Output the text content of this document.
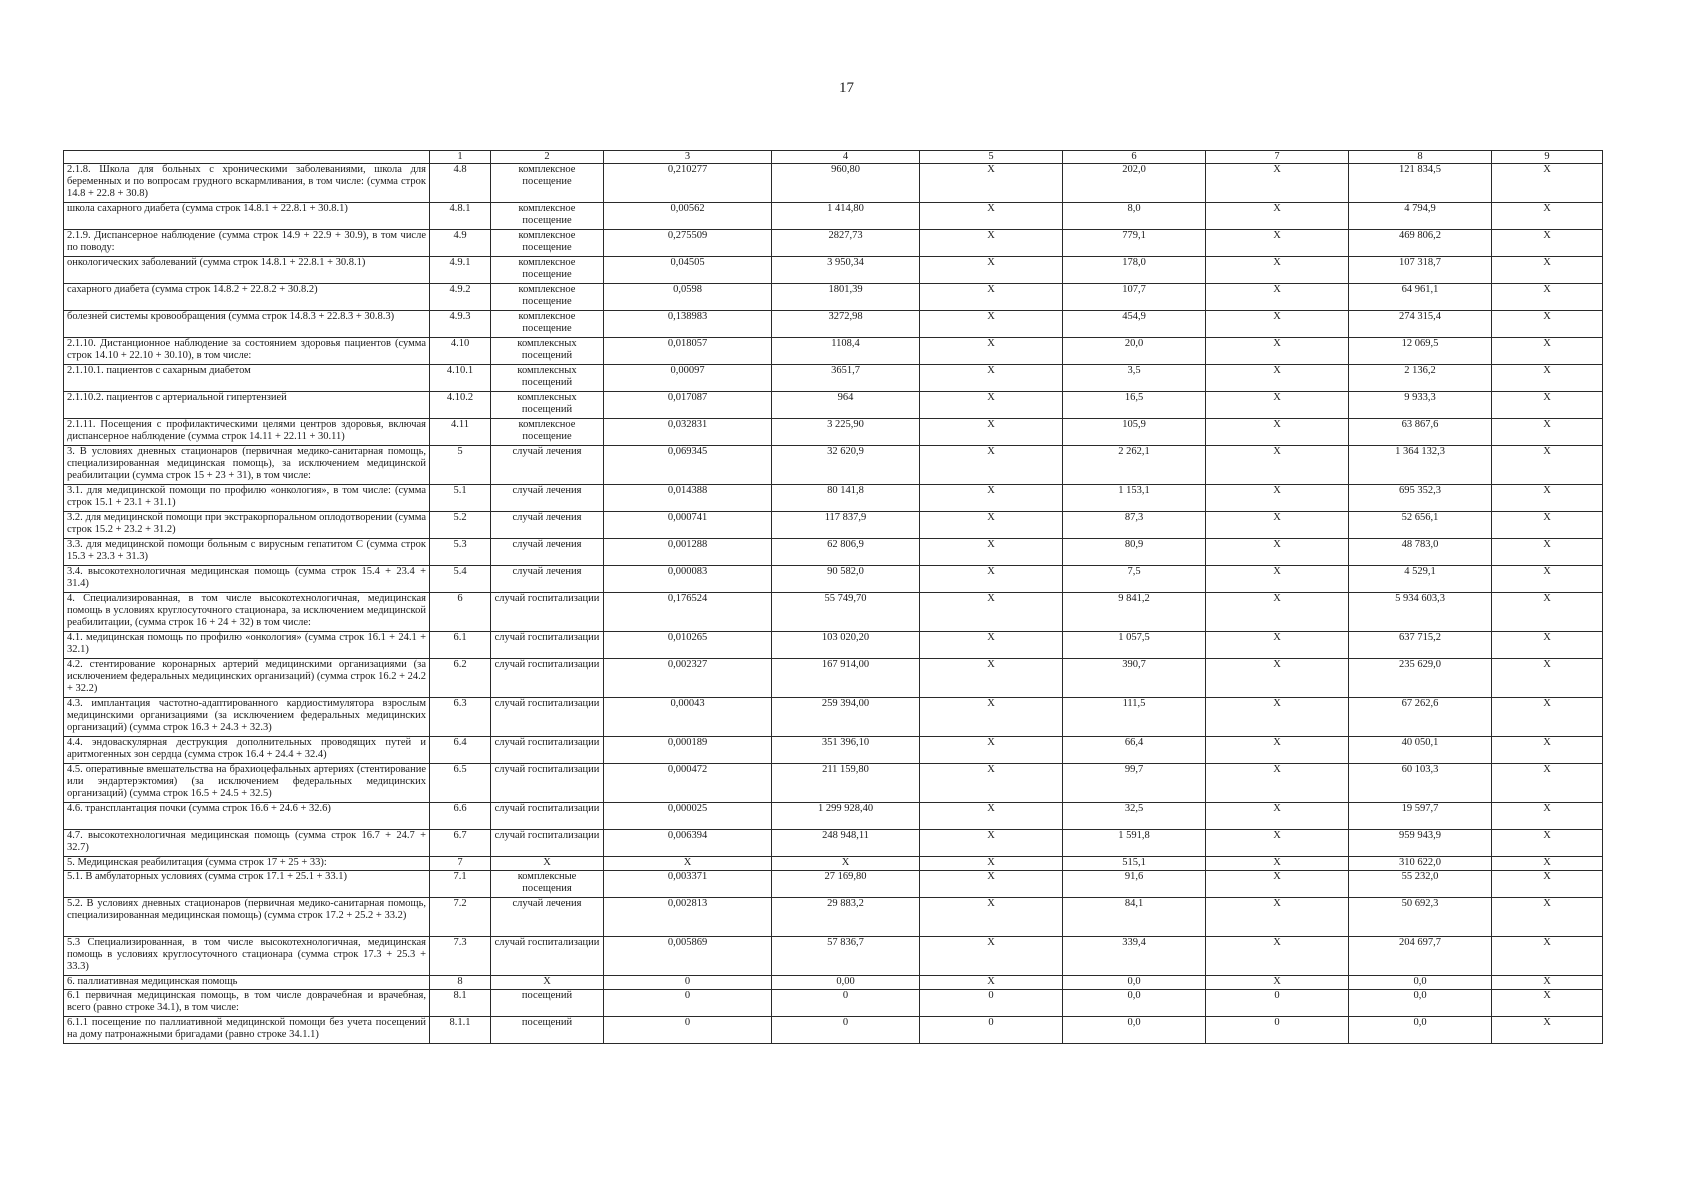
17
	1	2	3	4	5	6	7	8	9
2.1.8. Школа для больных с хроническими заболеваниями, школа для беременных и по вопросам грудного вскармливания, в том числе: (сумма строк 14.8 + 22.8 + 30.8)	4.8	комплексное посещение	0,210277	960,80	X	202,0	X	121 834,5	X
школа сахарного диабета (сумма строк 14.8.1 + 22.8.1 + 30.8.1)	4.8.1	комплексное посещение	0,00562	1 414,80	X	8,0	X	4 794,9	X
2.1.9. Диспансерное наблюдение (сумма строк 14.9 + 22.9 + 30.9), в том числе по поводу:	4.9	комплексное посещение	0,275509	2827,73	X	779,1	X	469 806,2	X
онкологических заболеваний (сумма строк 14.8.1 + 22.8.1 + 30.8.1)	4.9.1	комплексное посещение	0,04505	3 950,34	X	178,0	X	107 318,7	X
сахарного диабета (сумма строк 14.8.2 + 22.8.2 + 30.8.2)	4.9.2	комплексное посещение	0,0598	1801,39	X	107,7	X	64 961,1	X
болезней системы кровообращения (сумма строк 14.8.3 + 22.8.3 + 30.8.3)	4.9.3	комплексное посещение	0,138983	3272,98	X	454,9	X	274 315,4	X
2.1.10. Дистанционное наблюдение за состоянием здоровья пациентов (сумма строк 14.10 + 22.10 + 30.10), в том числе:	4.10	комплексных посещений	0,018057	1108,4	X	20,0	X	12 069,5	X
2.1.10.1. пациентов с сахарным диабетом	4.10.1	комплексных посещений	0,00097	3651,7	X	3,5	X	2 136,2	X
2.1.10.2. пациентов с артериальной гипертензией	4.10.2	комплексных посещений	0,017087	964	X	16,5	X	9 933,3	X
2.1.11. Посещения с профилактическими целями центров здоровья, включая диспансерное наблюдение (сумма строк 14.11 + 22.11 + 30.11)	4.11	комплексное посещение	0,032831	3 225,90	X	105,9	X	63 867,6	X
3. В условиях дневных стационаров (первичная медико-санитарная помощь, специализированная медицинская помощь), за исключением медицинской реабилитации (сумма строк 15 + 23 + 31), в том числе:	5	случай лечения	0,069345	32 620,9	X	2 262,1	X	1 364 132,3	X
3.1. для медицинской помощи по профилю «онкология», в том числе: (сумма строк 15.1 + 23.1 + 31.1)	5.1	случай лечения	0,014388	80 141,8	X	1 153,1	X	695 352,3	X
3.2. для медицинской помощи при экстракорпоральном оплодотворении (сумма строк 15.2 + 23.2 + 31.2)	5.2	случай лечения	0,000741	117 837,9	X	87,3	X	52 656,1	X
3.3. для медицинской помощи больным с вирусным гепатитом С (сумма строк 15.3 + 23.3 + 31.3)	5.3	случай лечения	0,001288	62 806,9	X	80,9	X	48 783,0	X
3.4. высокотехнологичная медицинская помощь (сумма строк 15.4 + 23.4 + 31.4)	5.4	случай лечения	0,000083	90 582,0	X	7,5	X	4 529,1	X
4. Специализированная, в том числе высокотехнологичная, медицинская помощь в условиях круглосуточного стационара, за исключением медицинской реабилитации, (сумма строк 16 + 24 + 32) в том числе:	6	случай госпитализации	0,176524	55 749,70	X	9 841,2	X	5 934 603,3	X
4.1. медицинская помощь по профилю «онкология» (сумма строк 16.1 + 24.1 + 32.1)	6.1	случай госпитализации	0,010265	103 020,20	X	1 057,5	X	637 715,2	X
4.2. стентирование коронарных артерий медицинскими организациями (за исключением федеральных медицинских организаций) (сумма строк 16.2 + 24.2 + 32.2)	6.2	случай госпитализации	0,002327	167 914,00	X	390,7	X	235 629,0	X
4.3. имплантация частотно-адаптированного кардиостимулятора взрослым медицинскими организациями (за исключением федеральных медицинских организаций) (сумма строк 16.3 + 24.3 + 32.3)	6.3	случай госпитализации	0,00043	259 394,00	X	111,5	X	67 262,6	X
4.4. эндоваскулярная деструкция дополнительных проводящих путей и аритмогенных зон сердца (сумма строк 16.4 + 24.4 + 32.4)	6.4	случай госпитализации	0,000189	351 396,10	X	66,4	X	40 050,1	X
4.5. оперативные вмешательства на брахиоцефальных артериях (стентирование или эндартерэктомия) (за исключением федеральных медицинских организаций) (сумма строк 16.5 + 24.5 + 32.5)	6.5	случай госпитализации	0,000472	211 159,80	X	99,7	X	60 103,3	X
4.6. трансплантация почки (сумма строк 16.6 + 24.6 + 32.6)	6.6	случай госпитализации	0,000025	1 299 928,40	X	32,5	X	19 597,7	X
4.7. высокотехнологичная медицинская помощь (сумма строк 16.7 + 24.7 + 32.7)	6.7	случай госпитализации	0,006394	248 948,11	X	1 591,8	X	959 943,9	X
5. Медицинская реабилитация (сумма строк 17 + 25 + 33):	7	X	X	X	X	515,1	X	310 622,0	X
5.1. В амбулаторных условиях (сумма строк 17.1 + 25.1 + 33.1)	7.1	комплексные посещения	0,003371	27 169,80	X	91,6	X	55 232,0	X
5.2. В условиях дневных стационаров (первичная медико-санитарная помощь, специализированная медицинская помощь) (сумма строк 17.2 + 25.2 + 33.2)	7.2	случай лечения	0,002813	29 883,2	X	84,1	X	50 692,3	X
5.3 Специализированная, в том числе высокотехнологичная, медицинская помощь в условиях круглосуточного стационара (сумма строк 17.3 + 25.3 + 33.3)	7.3	случай госпитализации	0,005869	57 836,7	X	339,4	X	204 697,7	X
6. паллиативная медицинская помощь	8	X	0	0,00	X	0,0	X	0,0	X
6.1 первичная медицинская помощь, в том числе доврачебная и врачебная, всего (равно строке 34.1), в том числе:	8.1	посещений	0	0	0	0,0	0	0,0	X
6.1.1 посещение по паллиативной медицинской помощи без учета посещений на дому патронажными бригадами (равно строке 34.1.1)	8.1.1	посещений	0	0	0	0,0	0	0,0	X
